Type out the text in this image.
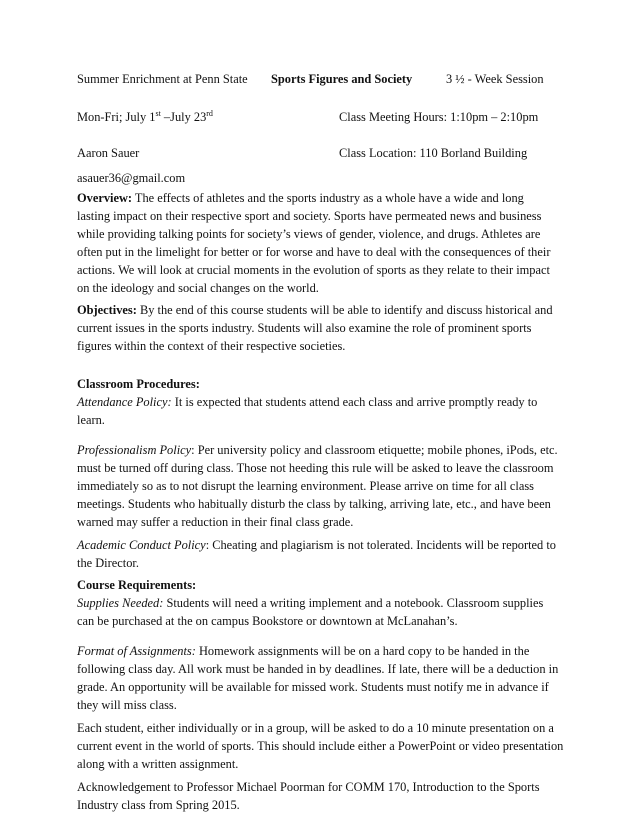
Summer Enrichment at Penn State Sports Figures and Society	3 ½ - Week Session
Mon-Fri; July 1st –July 23rd	Class Meeting Hours: 1:10pm – 2:10pm
Aaron Sauer	Class Location: 110 Borland Building
asauer36@gmail.com

Overview: The effects of athletes and the sports industry as a whole have a wide and long lasting impact on their respective sport and society. Sports have permeated news and business while providing talking points for society’s views of gender, violence, and drugs. Athletes are often put in the limelight for better or for worse and have to deal with the consequences of their actions. We will look at crucial moments in the evolution of sports as they relate to their impact on the ideology and social changes on the world.

Objectives: By the end of this course students will be able to identify and discuss historical and current issues in the sports industry. Students will also examine the role of prominent sports figures within the context of their respective societies.

Classroom Procedures:

Attendance Policy: It is expected that students attend each class and arrive promptly ready to learn.

Professionalism Policy: Per university policy and classroom etiquette; mobile phones, iPods, etc. must be turned off during class. Those not heeding this rule will be asked to leave the classroom immediately so as to not disrupt the learning environment. Please arrive on time for all class meetings. Students who habitually disturb the class by talking, arriving late, etc., and have been warned may suffer a reduction in their final class grade.

Academic Conduct Policy: Cheating and plagiarism is not tolerated. Incidents will be reported to the Director.

Course Requirements:

Supplies Needed: Students will need a writing implement and a notebook. Classroom supplies can be purchased at the on campus Bookstore or downtown at McLanahan’s.

Format of Assignments: Homework assignments will be on a hard copy to be handed in the following class day. All work must be handed in by deadlines. If late, there will be a deduction in grade. An opportunity will be available for missed work. Students must notify me in advance if they will miss class.

Each student, either individually or in a group, will be asked to do a 10 minute presentation on a current event in the world of sports. This should include either a PowerPoint or video presentation along with a written assignment.

Acknowledgement to Professor Michael Poorman for COMM 170, Introduction to the Sports Industry class from Spring 2015.
